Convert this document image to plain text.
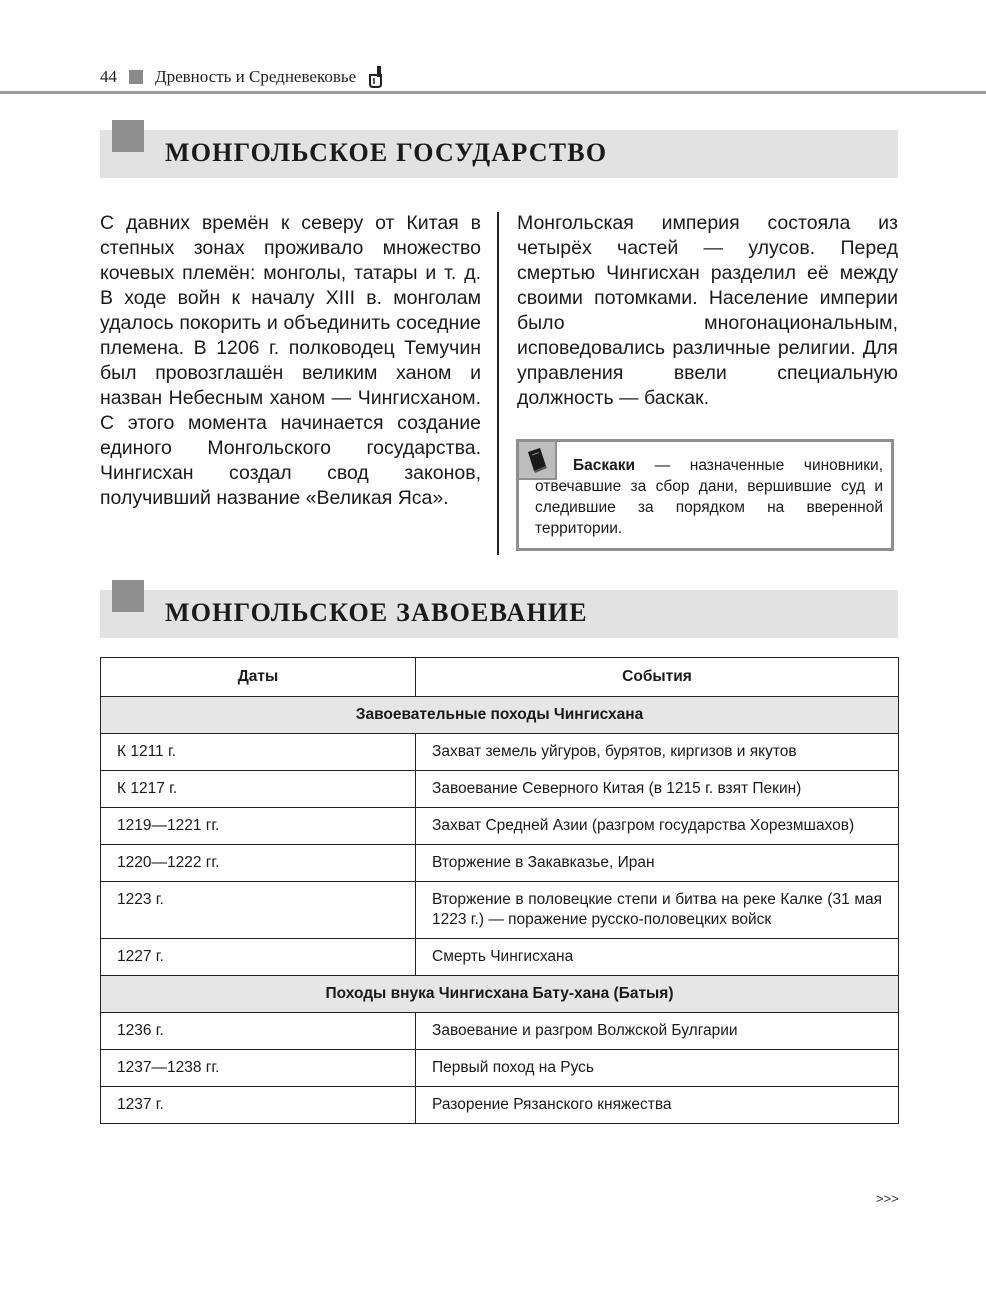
44 Древность и Средневековье
МОНГОЛЬСКОЕ ГОСУДАРСТВО
С давних времён к северу от Китая в степных зонах проживало множество кочевых племён: монголы, татары и т. д. В ходе войн к началу XIII в. монголам удалось покорить и объединить соседние племена. В 1206 г. полководец Темучин был провозглашён великим ханом и назван Небесным ханом — Чингисханом. С этого момента начинается создание единого Монгольского государства. Чингисхан создал свод законов, получивший название «Великая Яса».
Монгольская империя состояла из четырёх частей — улусов. Перед смертью Чингисхан разделил её между своими потомками. Население империи было многонациональным, исповедовались различные религии. Для управления ввели специальную должность — баскак.
Баскаки — назначенные чиновники, отвечавшие за сбор дани, вершившие суд и следившие за порядком на вверенной территории.
МОНГОЛЬСКОЕ ЗАВОЕВАНИЕ
Даты	События
Завоевательные походы Чингисхана	
К 1211 г.	Захват земель уйгуров, бурятов, киргизов и якутов
К 1217 г.	Завоевание Северного Китая (в 1215 г. взят Пекин)
1219—1221 гг.	Захват Средней Азии (разгром государства Хорезмшахов)
1220—1222 гг.	Вторжение в Закавказье, Иран
1223 г.	Вторжение в половецкие степи и битва на реке Калке (31 мая 1223 г.) — поражение русско-половецких войск
1227 г.	Смерть Чингисхана
Походы внука Чингисхана Бату-хана (Батыя)	
1236 г.	Завоевание и разгром Волжской Булгарии
1237—1238 гг.	Первый поход на Русь
1237 г.	Разорение Рязанского княжества
>>>
